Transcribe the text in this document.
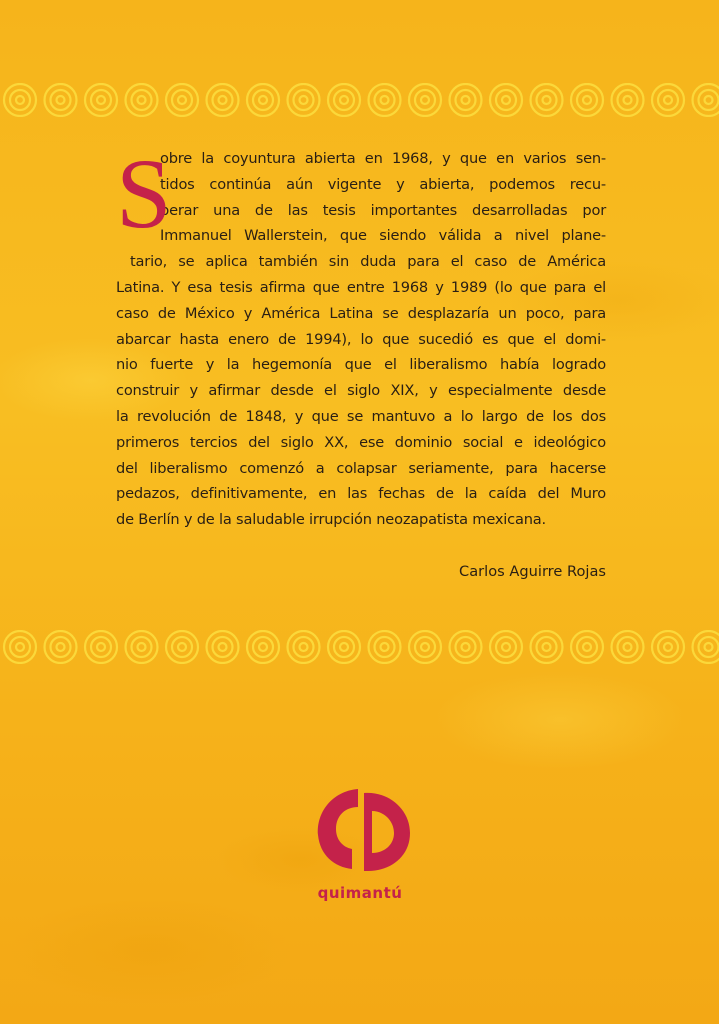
S
obre la coyuntura abierta en 1968, y que en varios sen-
tidos continúa aún vigente y abierta, podemos recu-
perar una de las tesis importantes desarrolladas por
Immanuel Wallerstein, que siendo válida a nivel plane-
tario, se aplica también sin duda para el caso de América
Latina. Y esa tesis afirma que entre 1968 y 1989 (lo que para el
caso de México y América Latina se desplazaría un poco, para
abarcar hasta enero de 1994), lo que sucedió es que el domi-
nio fuerte y la hegemonía que el liberalismo había logrado
construir y afirmar desde el siglo XIX, y especialmente desde
la revolución de 1848, y que se mantuvo a lo largo de los dos
primeros tercios del siglo XX, ese dominio social e ideológico
del liberalismo comenzó a colapsar seriamente, para hacerse
pedazos, definitivamente, en las fechas de la caída del Muro
de Berlín y de la saludable irrupción neozapatista mexicana.
Carlos Aguirre Rojas
quimantú
